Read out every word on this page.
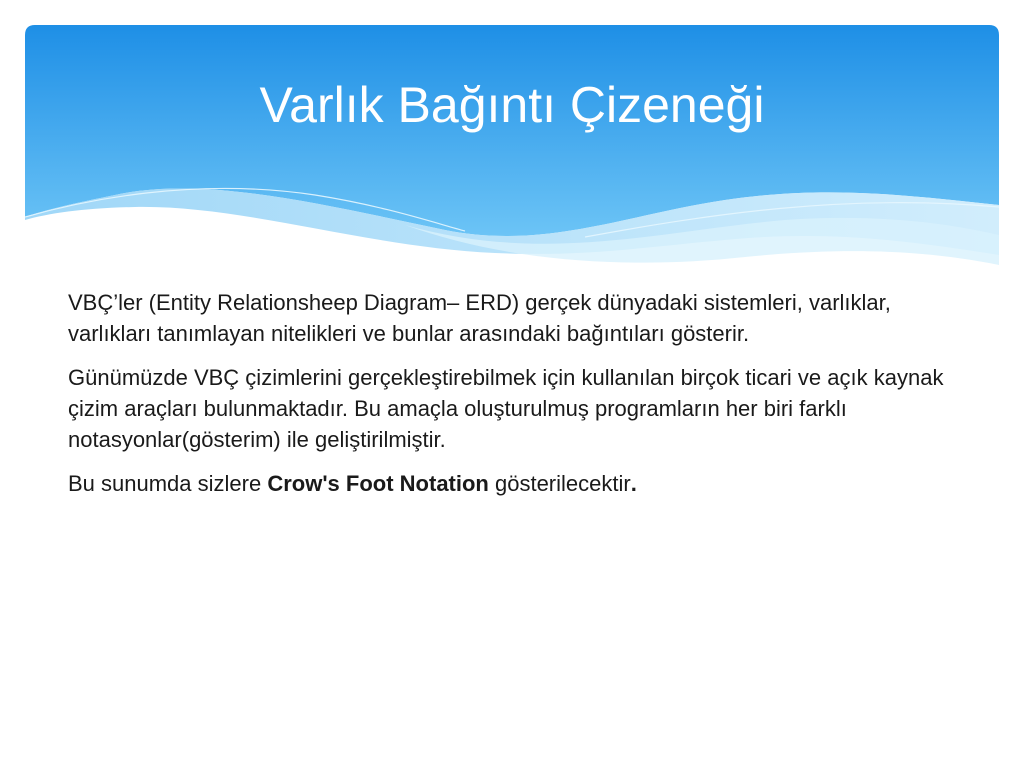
Varlık Bağıntı Çizeneği

VBÇ’ler (Entity Relationsheep Diagram– ERD) gerçek dünyadaki sistemleri, varlıklar, varlıkları tanımlayan nitelikleri ve bunlar arasındaki bağıntıları gösterir.

Günümüzde VBÇ çizimlerini gerçekleştirebilmek için kullanılan birçok ticari ve açık kaynak çizim araçları bulunmaktadır. Bu amaçla oluşturulmuş programların her biri farklı notasyonlar(gösterim) ile geliştirilmiştir.

Bu sunumda sizlere Crow's Foot Notation gösterilecektir.
